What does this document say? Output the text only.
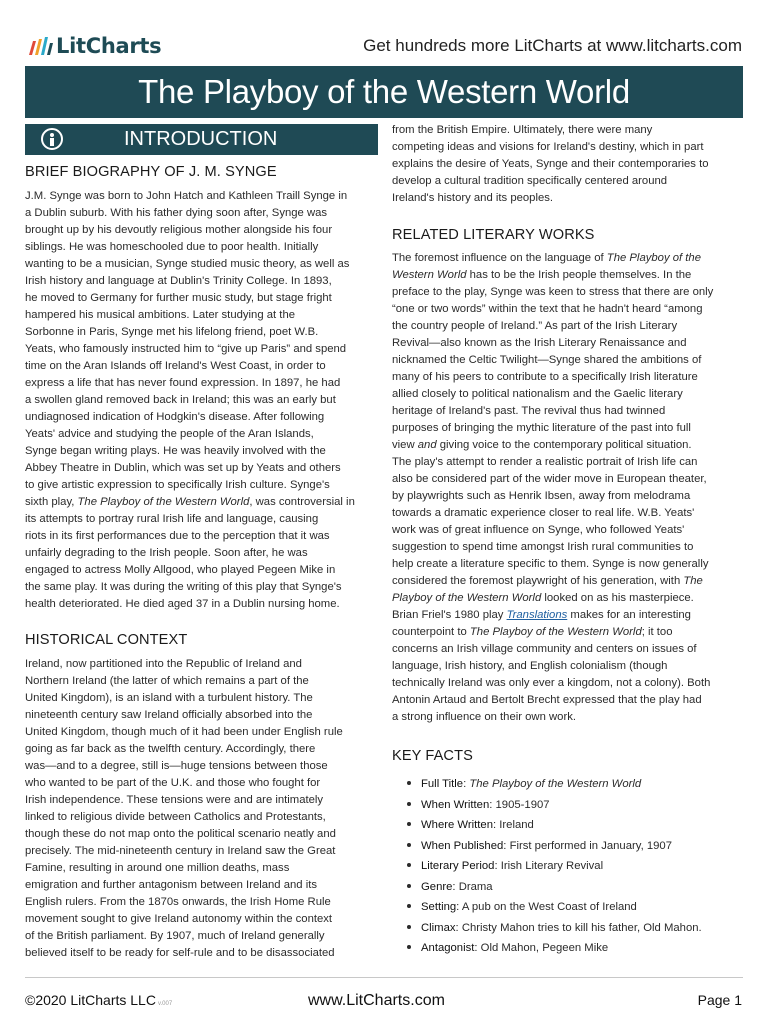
LitCharts	Get hundreds more LitCharts at www.litcharts.com
The Playboy of the Western World
INTRODUCTION
BRIEF BIOGRAPHY OF J. M. SYNGE
J.M. Synge was born to John Hatch and Kathleen Traill Synge in
a Dublin suburb. With his father dying soon after, Synge was
brought up by his devoutly religious mother alongside his four
siblings. He was homeschooled due to poor health. Initially
wanting to be a musician, Synge studied music theory, as well as
Irish history and language at Dublin's Trinity College. In 1893,
he moved to Germany for further music study, but stage fright
hampered his musical ambitions. Later studying at the
Sorbonne in Paris, Synge met his lifelong friend, poet W.B.
Yeats, who famously instructed him to “give up Paris” and spend
time on the Aran Islands off Ireland's West Coast, in order to
express a life that has never found expression. In 1897, he had
a swollen gland removed back in Ireland; this was an early but
undiagnosed indication of Hodgkin's disease. After following
Yeats' advice and studying the people of the Aran Islands,
Synge began writing plays. He was heavily involved with the
Abbey Theatre in Dublin, which was set up by Yeats and others
to give artistic expression to specifically Irish culture. Synge's
sixth play, The Playboy of the Western World, was controversial in
its attempts to portray rural Irish life and language, causing
riots in its first performances due to the perception that it was
unfairly degrading to the Irish people. Soon after, he was
engaged to actress Molly Allgood, who played Pegeen Mike in
the same play. It was during the writing of this play that Synge's
health deteriorated. He died aged 37 in a Dublin nursing home.
HISTORICAL CONTEXT
Ireland, now partitioned into the Republic of Ireland and
Northern Ireland (the latter of which remains a part of the
United Kingdom), is an island with a turbulent history. The
nineteenth century saw Ireland officially absorbed into the
United Kingdom, though much of it had been under English rule
going as far back as the twelfth century. Accordingly, there
was—and to a degree, still is—huge tensions between those
who wanted to be part of the U.K. and those who fought for
Irish independence. These tensions were and are intimately
linked to religious divide between Catholics and Protestants,
though these do not map onto the political scenario neatly and
precisely. The mid-nineteenth century in Ireland saw the Great
Famine, resulting in around one million deaths, mass
emigration and further antagonism between Ireland and its
English rulers. From the 1870s onwards, the Irish Home Rule
movement sought to give Ireland autonomy within the context
of the British parliament. By 1907, much of Ireland generally
believed itself to be ready for self-rule and to be disassociated
from the British Empire. Ultimately, there were many
competing ideas and visions for Ireland's destiny, which in part
explains the desire of Yeats, Synge and their contemporaries to
develop a cultural tradition specifically centered around
Ireland's history and its peoples.
RELATED LITERARY WORKS
The foremost influence on the language of The Playboy of the
Western World has to be the Irish people themselves. In the
preface to the play, Synge was keen to stress that there are only
“one or two words” within the text that he hadn't heard “among
the country people of Ireland.” As part of the Irish Literary
Revival—also known as the Irish Literary Renaissance and
nicknamed the Celtic Twilight—Synge shared the ambitions of
many of his peers to contribute to a specifically Irish literature
allied closely to political nationalism and the Gaelic literary
heritage of Ireland's past. The revival thus had twinned
purposes of bringing the mythic literature of the past into full
view and giving voice to the contemporary political situation.
The play's attempt to render a realistic portrait of Irish life can
also be considered part of the wider move in European theater,
by playwrights such as Henrik Ibsen, away from melodrama
towards a dramatic experience closer to real life. W.B. Yeats'
work was of great influence on Synge, who followed Yeats'
suggestion to spend time amongst Irish rural communities to
help create a literature specific to them. Synge is now generally
considered the foremost playwright of his generation, with The
Playboy of the Western World looked on as his masterpiece.
Brian Friel's 1980 play Translations makes for an interesting
counterpoint to The Playboy of the Western World; it too
concerns an Irish village community and centers on issues of
language, Irish history, and English colonialism (though
technically Ireland was only ever a kingdom, not a colony). Both
Antonin Artaud and Bertolt Brecht expressed that the play had
a strong influence on their own work.
KEY FACTS
Full Title: The Playboy of the Western World
When Written: 1905-1907
Where Written: Ireland
When Published: First performed in January, 1907
Literary Period: Irish Literary Revival
Genre: Drama
Setting: A pub on the West Coast of Ireland
Climax: Christy Mahon tries to kill his father, Old Mahon.
Antagonist: Old Mahon, Pegeen Mike
©2020 LitCharts LLC v.007	www.LitCharts.com	Page 1
